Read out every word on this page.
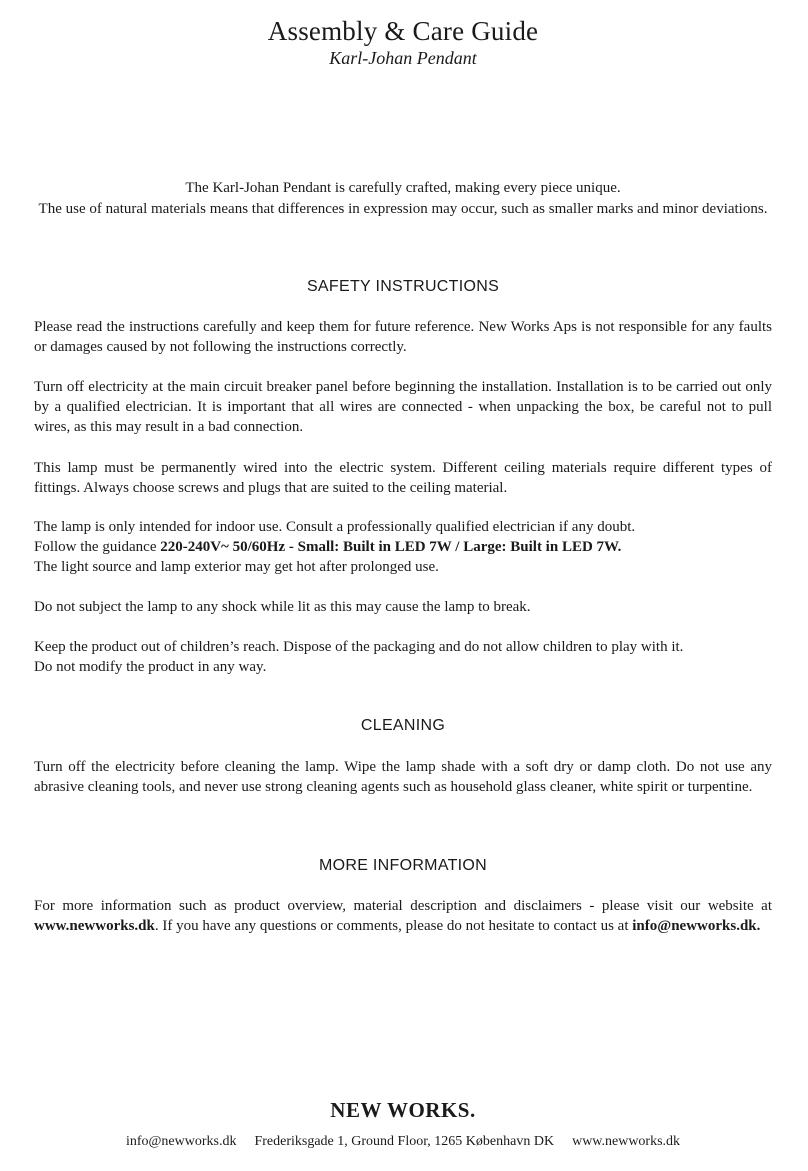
Assembly & Care Guide

Karl-Johan Pendant

The Karl-Johan Pendant is carefully crafted, making every piece unique.
The use of natural materials means that differences in expression may occur, such as smaller marks and minor deviations.
SAFETY INSTRUCTIONS

Please read the instructions carefully and keep them for future reference. New Works Aps is not responsible for any faults or damages caused by not following the instructions correctly.

Turn off electricity at the main circuit breaker panel before beginning the installation. Installation is to be carried out only by a qualified electrician. It is important that all wires are connected - when unpacking the box, be careful not to pull wires, as this may result in a bad connection.

This lamp must be permanently wired into the electric system. Different ceiling materials require different types of fittings. Always choose screws and plugs that are suited to the ceiling material.

The lamp is only intended for indoor use. Consult a professionally qualified electrician if any doubt.
Follow the guidance 220-240V~ 50/60Hz - Small: Built in LED 7W / Large: Built in LED 7W.
The light source and lamp exterior may get hot after prolonged use.

Do not subject the lamp to any shock while lit as this may cause the lamp to break.

Keep the product out of children’s reach. Dispose of the packaging and do not allow children to play with it.
Do not modify the product in any way.
CLEANING

Turn off the electricity before cleaning the lamp. Wipe the lamp shade with a soft dry or damp cloth. Do not use any abrasive cleaning tools, and never use strong cleaning agents such as household glass cleaner, white spirit or turpentine.

MORE INFORMATION

For more information such as product overview, material description and disclaimers - please visit our website at www.newworks.dk. If you have any questions or comments, please do not hesitate to contact us at info@newworks.dk.

NEW WORKS.
info@newworks.dk Frederiksgade 1, Ground Floor, 1265 København DK www.newworks.dk
